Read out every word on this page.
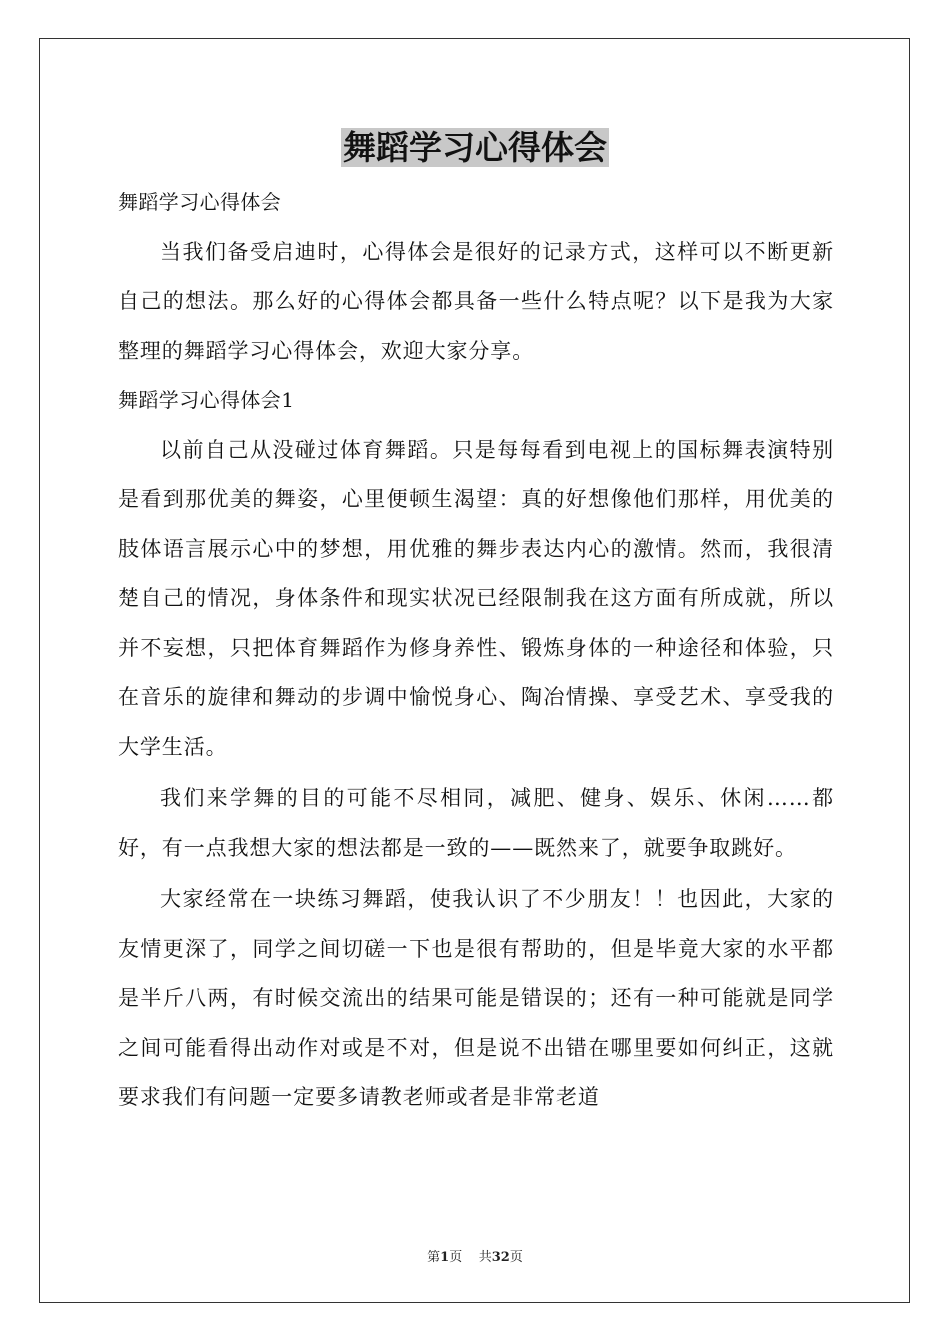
舞蹈学习心得体会

舞蹈学习心得体会

当我们备受启迪时，心得体会是很好的记录方式，这样可以不断更新自己的想法。那么好的心得体会都具备一些什么特点呢？以下是我为大家整理的舞蹈学习心得体会，欢迎大家分享。

舞蹈学习心得体会1

以前自己从没碰过体育舞蹈。只是每每看到电视上的国标舞表演特别是看到那优美的舞姿，心里便顿生渴望：真的好想像他们那样，用优美的肢体语言展示心中的梦想，用优雅的舞步表达内心的激情。然而，我很清楚自己的情况，身体条件和现实状况已经限制我在这方面有所成就，所以并不妄想，只把体育舞蹈作为修身养性、锻炼身体的一种途径和体验，只在音乐的旋律和舞动的步调中愉悦身心、陶冶情操、享受艺术、享受我的大学生活。

我们来学舞的目的可能不尽相同，减肥、健身、娱乐、休闲……都好，有一点我想大家的想法都是一致的——既然来了，就要争取跳好。

大家经常在一块练习舞蹈，使我认识了不少朋友！！也因此，大家的友情更深了，同学之间切磋一下也是很有帮助的，但是毕竟大家的水平都是半斤八两，有时候交流出的结果可能是错误的；还有一种可能就是同学之间可能看得出动作对或是不对，但是说不出错在哪里要如何纠正，这就要求我们有问题一定要多请教老师或者是非常老道

第1页 共32页
